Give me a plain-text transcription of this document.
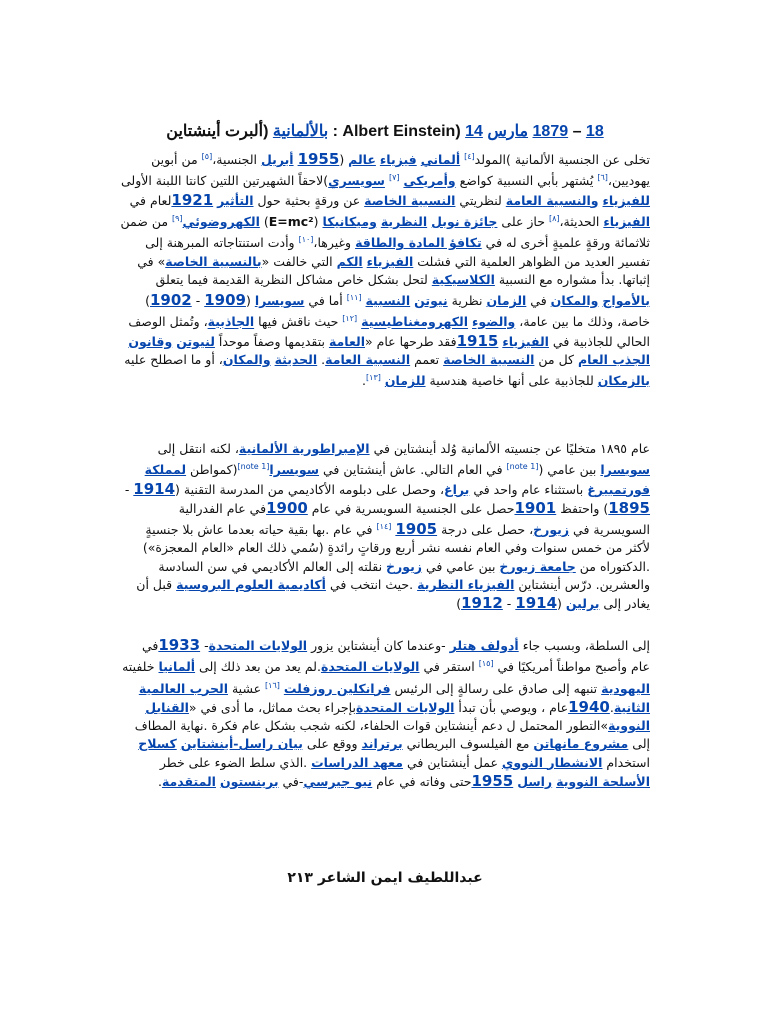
18 – 1879 مارس 14 (Albert Einstein : بالألمانية (ألبرت أينشتاين
تخلى عن الجنسية الألمانية )المولد[٤] ألماني فيزياء عالم (1955 أبريل الجنسية،[٥] من أبوين يهوديين،[٦] يُشتهر بأبي النسبية كواضع وأمريكي [٧] سويسري)لاحقاً الشهيرتين اللتين كانتا اللبنة الأولى للفيزياء والنسبية العامة لنظريتي النسبية الخاصة عن ورقةٍ بحثية حول التأثير 1921لعام في الفيزياء الحديثة،[٨] حاز على جائزة نوبل النظرية وميكانيكا (E=mc²) الكهروضوئي[٩] من ضمن ثلاثمائة ورقةٍ علميةٍ أخرى له في تكافؤ المادة والطاقة وغيرها،[١٠] وأدت استنتاجاته المبرهنة إلى تفسير العديد من الظواهر العلمية التي فشلت الفيزياء الكم التي خالفت «بالنسبية الخاصة» في إثباتها. بدأ مشواره مع النسبية الكلاسيكية لتحل بشكل خاص مشاكل النظرية القديمة فيما يتعلق بالأمواج والمكان في الزمان نظرية نيوتن النسبية [١١] أما في سويسرا (1909 - 1902) خاصة، وذلك ما بين عامة، والضوء الكهرومغناطيسية [١٢] حيث ناقش فيها الجاذبية، وتُمثل الوصف الحالي للجاذبية في الفيزياء 1915فقد طرحها عام «العامة بتقديمها وصفاً موحداً لنيوتن وقانون الجذب العام كل من النسبية الخاصة تعمم النسبية العامة. الحديثة والمكان، أو ما اصطلح عليه بالزمكان للجاذبية على أنها خاصية هندسية للزمان [١٣].
عام ١٨٩٥ متخليًا عن جنسيته الألمانية وُلد أينشتاين في الإمبراطورية الألمانية، لكنه انتقل إلى سويسرا بين عامي ([note 1] في العام التالي. عاش أينشتاين في سويسرا[note 1](كمواطن لمملكة فورتمبيرغ باستثناء عام واحد في براغ، وحصل على دبلومه الأكاديمي من المدرسة التقنية (1914 - 1895) واحتفظ 1901حصل على الجنسية السويسرية في عام 1900في عام الفدرالية السويسرية في زيورخ، حصل على درجة 1905 [١٤] في عام .بها بقية حياته بعدما عاش بلا جنسيةٍ لأكثر من خمس سنوات وفي العام نفسه نشر أربع ورقاتٍ رائدةٍ (سُمي ذلك العام «العام المعجزة») .الدكتوراه من جامعة زيورخ بين عامي في زيورخ نقلته إلى العالم الأكاديمي في سن السادسة والعشرين. درّس أينشتاين الفيزياء النظرية .حيث انتخب في أكاديمية العلوم البروسية قبل أن يغادر إلى برلين (1914 - 1912)
إلى السلطة، وبسبب جاء أدولف هتلر -وعندما كان أينشتاين يزور الولايات المتحدة- 1933في عام وأصبح مواطناً أمريكيًا في [١٥] استقر في الولايات المتحدة.لم يعد من بعد ذلك إلى ألمانيا خلفيته اليهودية تنبهه إلى صادق على رسالةٍ إلى الرئيس فرانكلين روزفلت [١٦] عشية الحرب العالمية الثانية.1940عام ، ويوصي بأن تبدأ الولايات المتحدةبإجراء بحث مماثل، ما أدى في «القنابل النووية»التطور المحتمل ل دعم أينشتاين قوات الحلفاء، لكنه شجب بشكل عام فكرة .نهاية المطاف إلى مشروع مانهاتن مع الفيلسوف البريطاني برتراند ووقع على بيان راسل-أينشتاين كسلاح استخدام الانشطار النووي عمل أينشتاين في معهد الدراسات .الذي سلط الضوء على خطر الأسلحة النووية راسل 1955حتى وفاته في عام نيو جيرسي-في برينستون المتقدمة.
عبداللطيف ايمن الشاعر ٢١٣
